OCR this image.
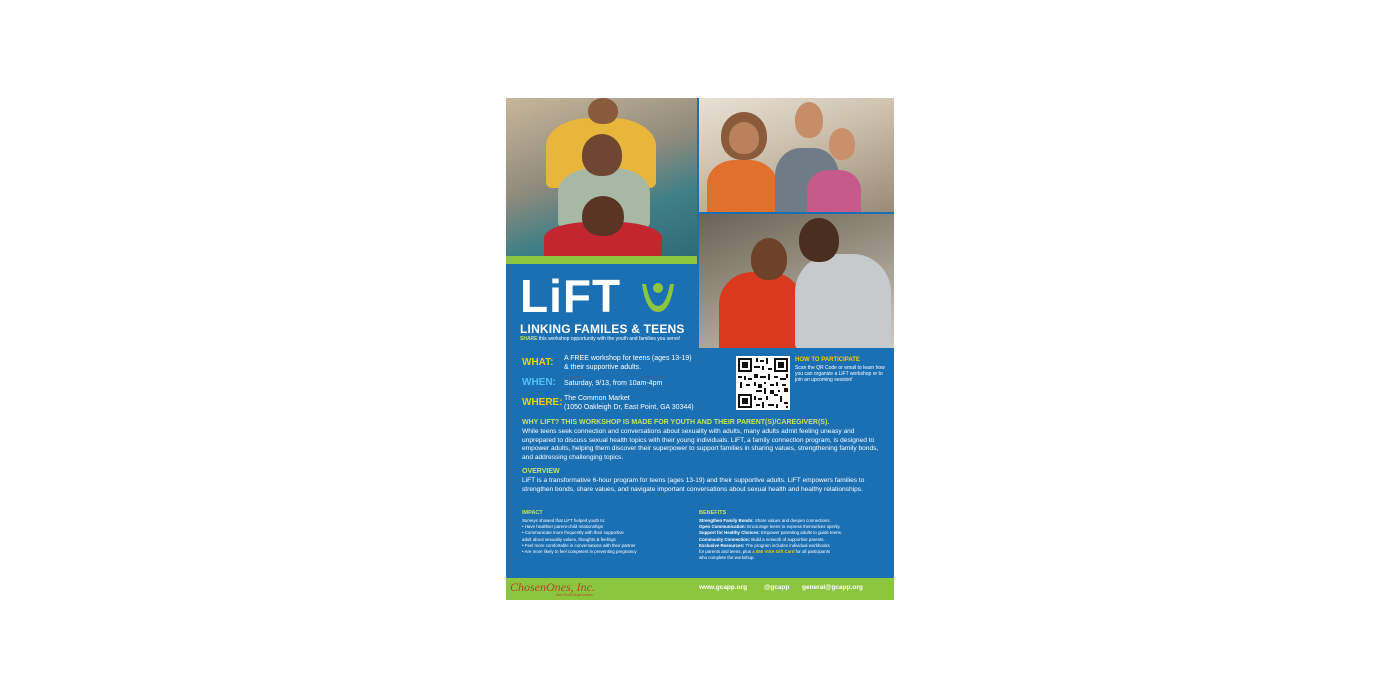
LiFT
LINKING FAMILES & TEENS
SHARE this workshop opportunity with the youth and families you serve!
WHAT: A FREE workshop for teens (ages 13-19)
& their supportive adults.
WHEN: Saturday, 9/13, from 10am-4pm
WHERE: The Common Market
(1050 Oakleigh Dr, East Point, GA 30344)
HOW TO PARTICIPATE
Scan the QR Code or email to learn how you can organize a LiFT workshop or to join an upcoming session!
WHY LIFT? THIS WORKSHOP IS MADE FOR YOUTH AND THEIR PARENT(S)/CAREGIVER(S).
While teens seek connection and conversations about sexuality with adults, many adults admit feeling uneasy and unprepared to discuss sexual health topics with their young individuals. LiFT, a family connection program, is designed to empower adults, helping them discover their superpower to support families in sharing values, strengthening family bonds, and addressing challenging topics.
OVERVIEW
LiFT is a transformative 6-hour program for teens (ages 13-19) and their supportive adults. LiFT empowers families to strengthen bonds, share values, and navigate important conversations about sexual health and healthy relationships.
IMPACT
Surveys showed that LiFT helped youth to:
• Have healthier parent-child relationships
• Communicate more frequently with their supportive
adult about sexuality values, thoughts & feelings
• Feel more comfortable in conversations with their partner
• Are more likely to feel competent in preventing pregnancy
BENEFITS
Strengthen Family Bonds: Share values and deepen connections.
Open Communication: Encourage teens to express themselves openly.
Support for Healthy Choices: Empower parenting adults to guide teens.
Community Connection: Build a network of supportive parents.
Exclusive Resources: The program includes individual workbooks
for parents and teens, plus a $50 VISA Gift Card for all participants
who complete the workshop.
ChosenOnes, Inc.
Non-Profit Organization
www.gcapp.org	@gcapp general@gcapp.org
